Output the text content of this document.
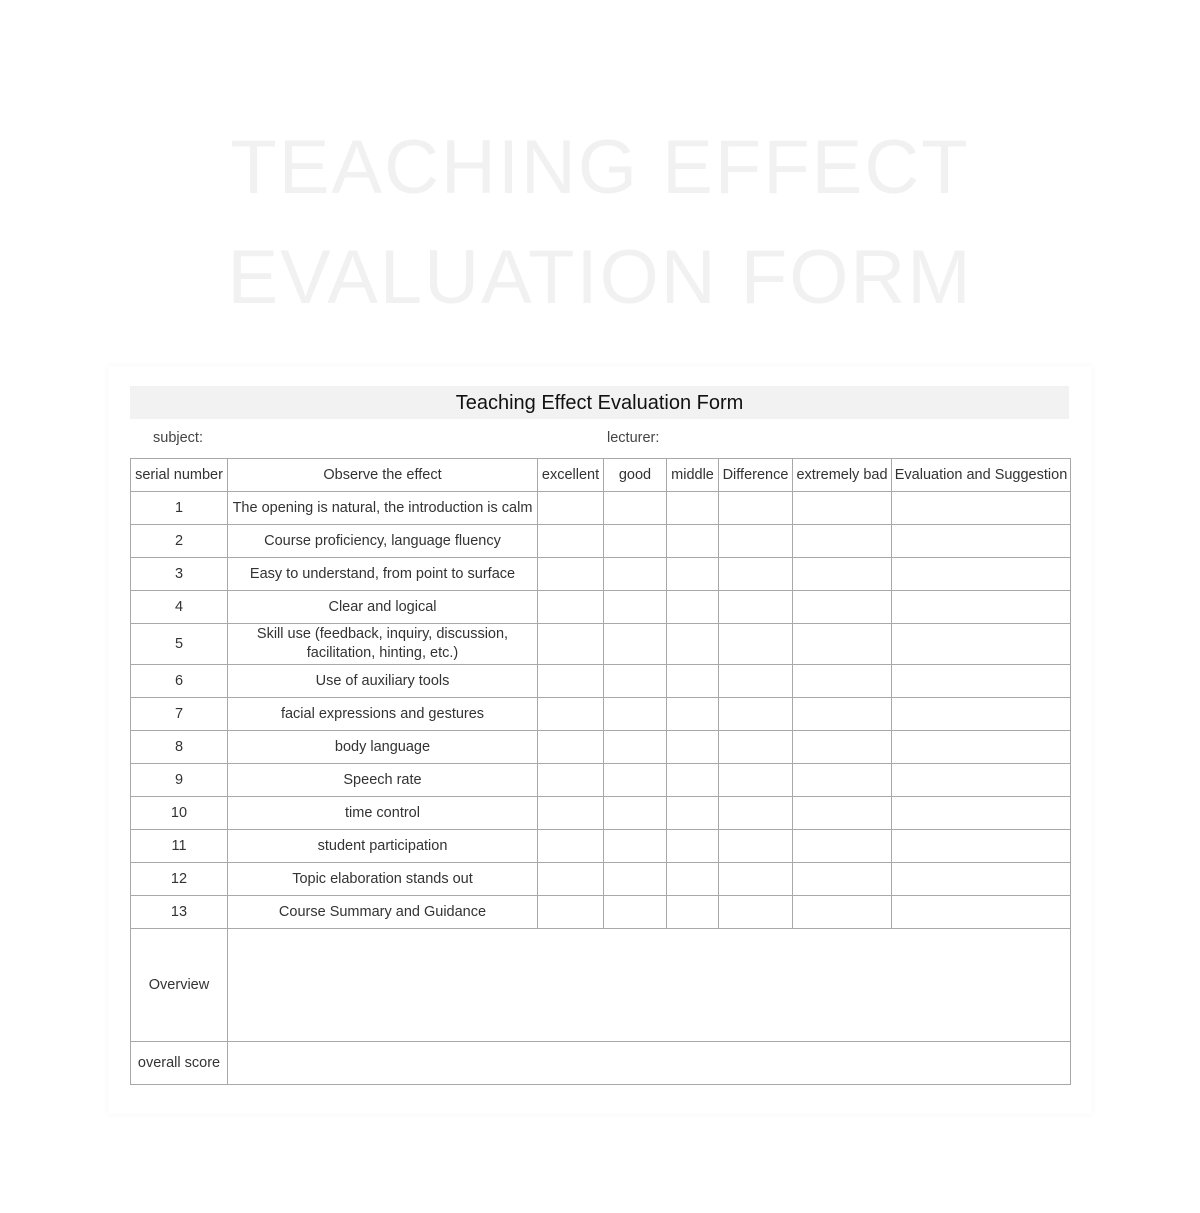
TEACHING EFFECT
EVALUATION FORM
Teaching Effect Evaluation Form
subject:	lecturer:
serial number	Observe the effect	excellent	good	middle	Difference	extremely bad	Evaluation and Suggestion
1	The opening is natural, the introduction is calm						
2	Course proficiency, language fluency						
3	Easy to understand, from point to surface						
4	Clear and logical						
5	Skill use (feedback, inquiry, discussion, facilitation, hinting, etc.)						
6	Use of auxiliary tools						
7	facial expressions and gestures						
8	body language						
9	Speech rate						
10	time control						
11	student participation						
12	Topic elaboration stands out						
13	Course Summary and Guidance						
Overview							
overall score							
